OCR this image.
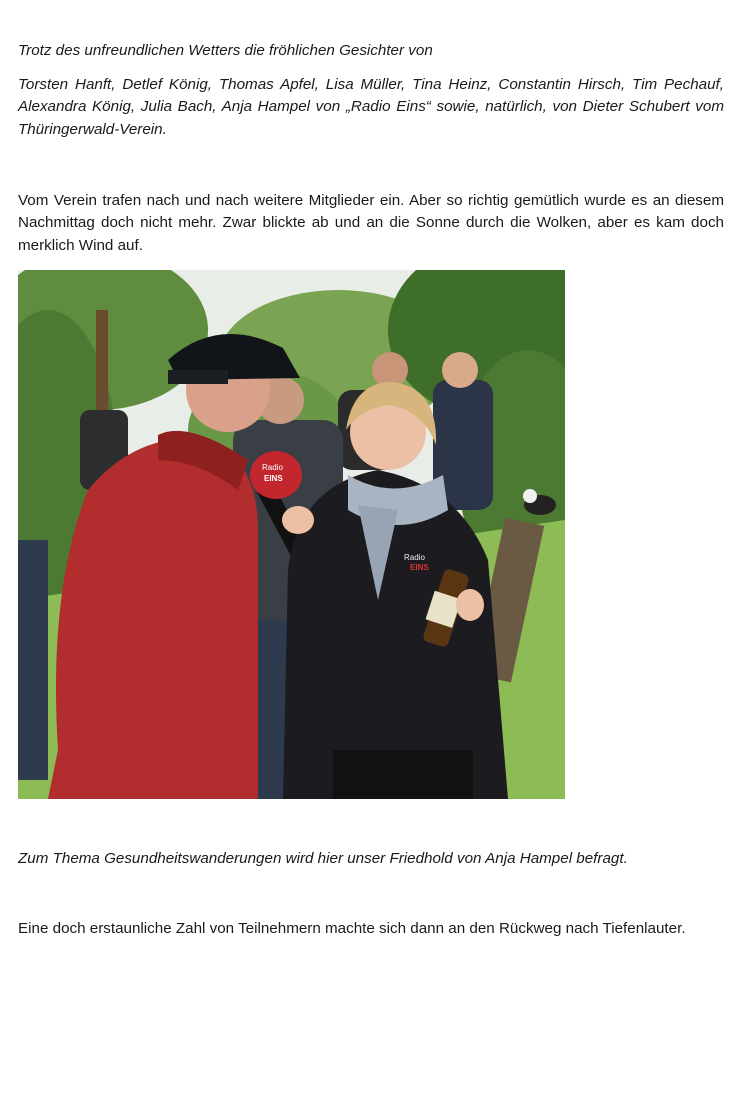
Trotz des unfreundlichen Wetters die fröhlichen Gesichter von

Torsten Hanft, Detlef König, Thomas Apfel, Lisa Müller, Tina Heinz, Constantin Hirsch, Tim Pechauf, Alexandra König, Julia Bach, Anja Hampel von „Radio Eins“ sowie, natürlich, von Dieter Schubert vom Thüringerwald-Verein.

Vom Verein trafen nach und nach weitere Mitglieder ein. Aber so richtig gemütlich wurde es an diesem Nachmittag doch nicht mehr. Zwar blickte ab und an die Sonne durch die Wolken, aber es kam doch merklich Wind auf.

Radio
EINS
Radio
EINS

Zum Thema Gesundheitswanderungen wird hier unser Friedhold von Anja Hampel befragt.

Eine doch erstaunliche Zahl von Teilnehmern machte sich dann an den Rückweg nach Tiefenlauter.
